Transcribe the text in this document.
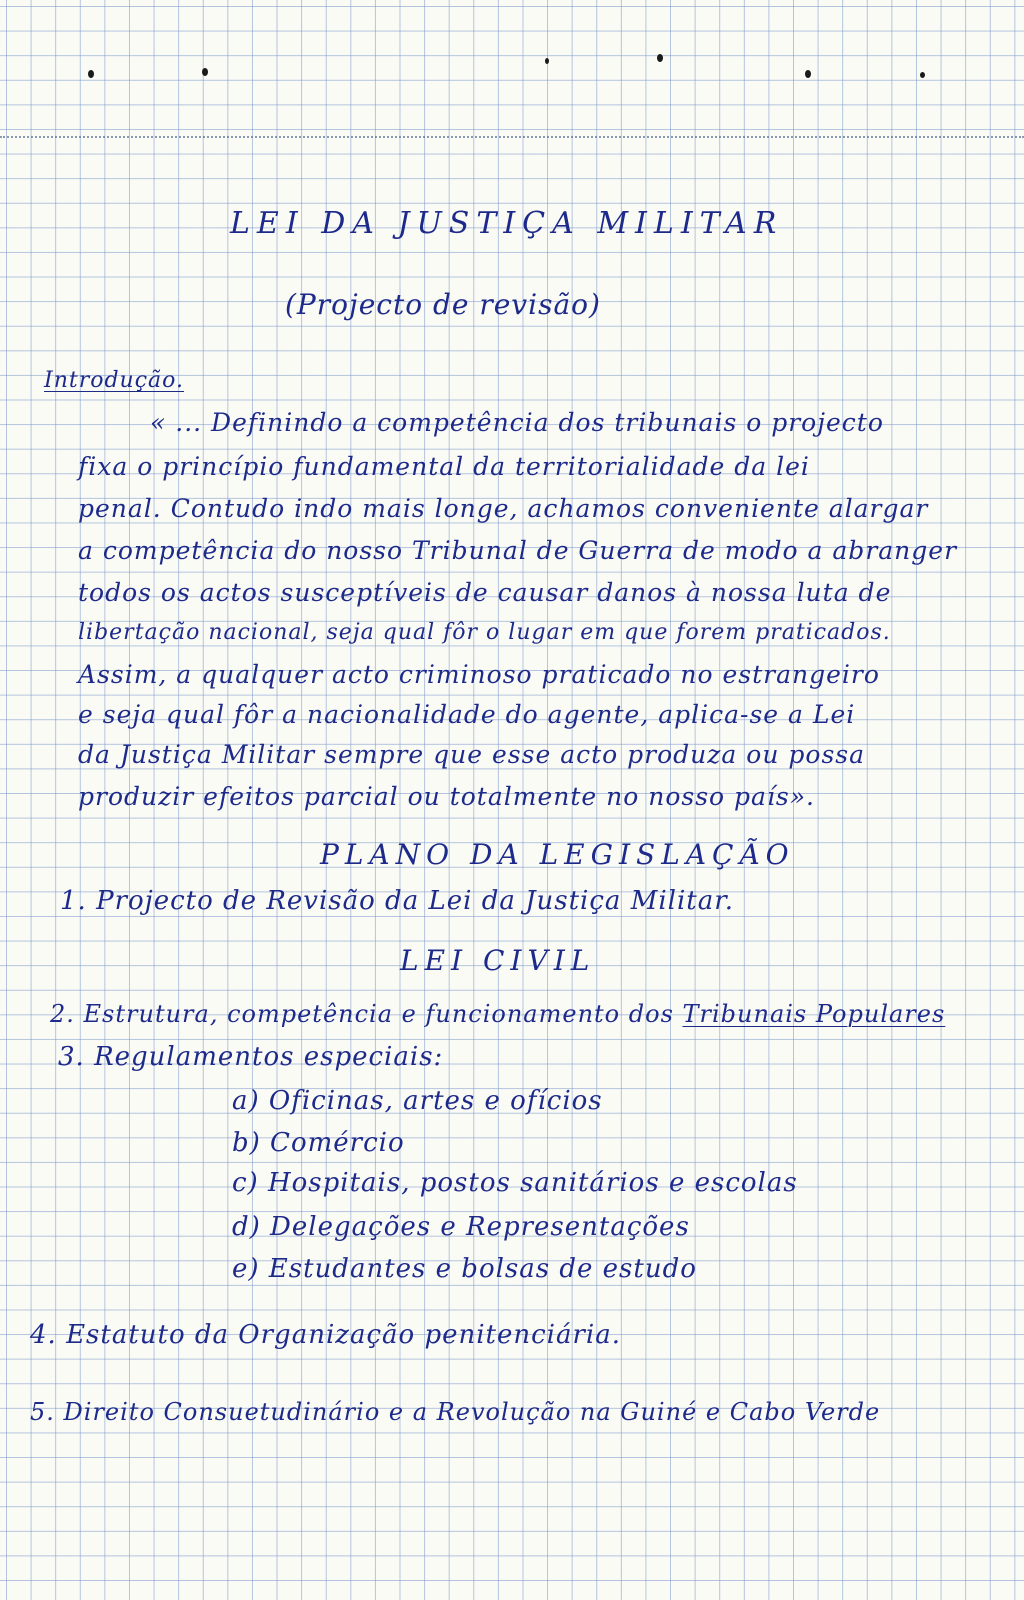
LEI DA JUSTIÇA MILITAR
(Projecto de revisão)
Introdução.
« ... Definindo a competência dos tribunais o projecto
fixa o princípio fundamental da territorialidade da lei
penal. Contudo indo mais longe, achamos conveniente alargar
a competência do nosso Tribunal de Guerra de modo a abranger
todos os actos susceptíveis de causar danos à nossa luta de
libertação nacional, seja qual fôr o lugar em que forem praticados.
Assim, a qualquer acto criminoso praticado no estrangeiro
e seja qual fôr a nacionalidade do agente, aplica-se a Lei
da Justiça Militar sempre que esse acto produza ou possa
produzir efeitos parcial ou totalmente no nosso país».
PLANO DA LEGISLAÇÃO
1. Projecto de Revisão da Lei da Justiça Militar.
LEI CIVIL
2. Estrutura, competência e funcionamento dos Tribunais Populares
3. Regulamentos especiais:
a) Oficinas, artes e ofícios
b) Comércio
c) Hospitais, postos sanitários e escolas
d) Delegações e Representações
e) Estudantes e bolsas de estudo
4. Estatuto da Organização penitenciária.
5. Direito Consuetudinário e a Revolução na Guiné e Cabo Verde
